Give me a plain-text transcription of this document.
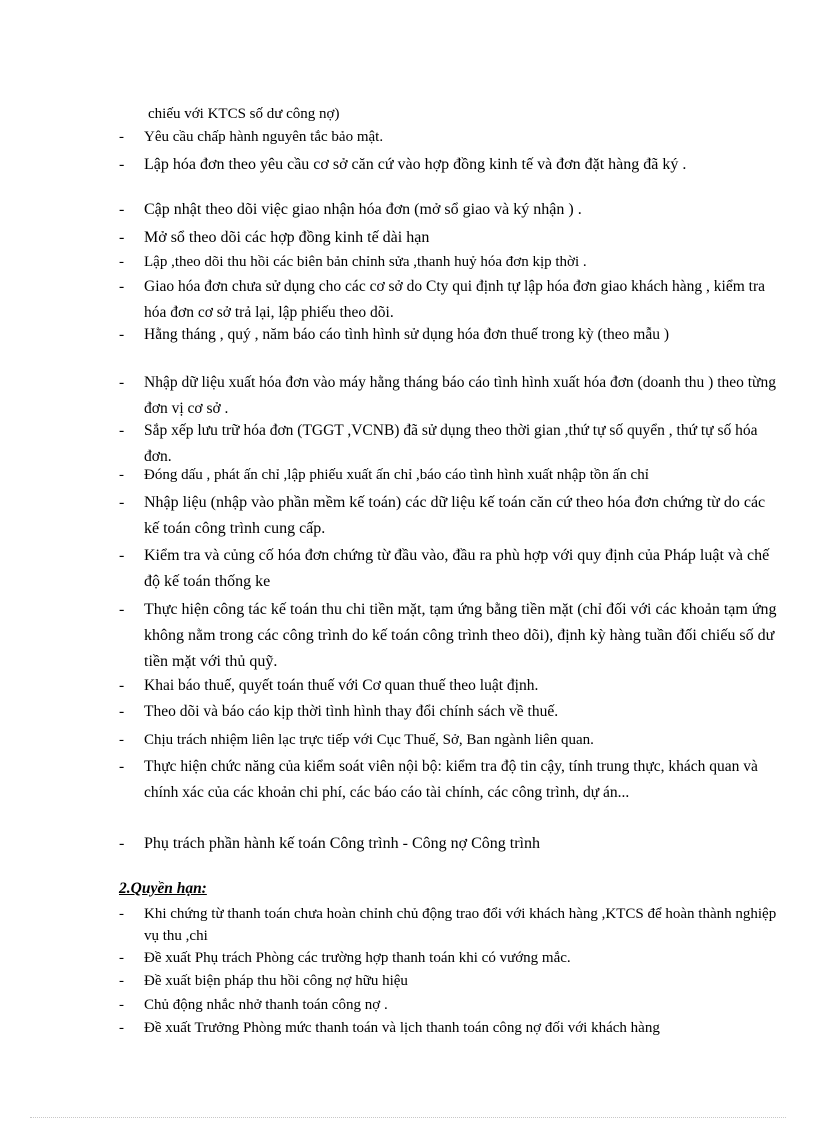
chiếu với KTCS số dư công nợ)
- Yêu cầu chấp hành nguyên tắc bảo mật.
- Lập hóa đơn theo yêu cầu cơ sở căn cứ vào hợp đồng kinh tế và đơn đặt hàng đã ký .
- Cập nhật theo dõi việc giao nhận hóa đơn (mở sổ giao và ký nhận ) .
- Mở sổ theo dõi các hợp đồng kinh tế dài hạn
- Lập ,theo dõi thu hồi các biên bản chỉnh sửa ,thanh huỷ hóa đơn kịp thời .
- Giao hóa đơn chưa sử dụng cho các cơ sở do Cty qui định tự lập hóa đơn giao khách hàng , kiểm tra hóa đơn cơ sở trả lại, lập phiếu theo dõi.
- Hằng tháng , quý , năm báo cáo tình hình sử dụng hóa đơn thuế trong kỳ (theo mẫu )
- Nhập dữ liệu xuất hóa đơn vào máy hằng tháng báo cáo tình hình xuất hóa đơn (doanh thu ) theo từng đơn vị cơ sở .
- Sắp xếp lưu trữ hóa đơn (TGGT ,VCNB) đã sử dụng theo thời gian ,thứ tự số quyển , thứ tự số hóa đơn.
- Đóng dấu , phát ấn chỉ ,lập phiếu xuất ấn chỉ ,báo cáo tình hình xuất nhập tồn ấn chỉ
- Nhập liệu (nhập vào phần mềm kế toán) các dữ liệu kế toán căn cứ theo hóa đơn chứng từ do các kế toán công trình cung cấp.
- Kiểm tra và củng cố hóa đơn chứng từ đầu vào, đầu ra phù hợp với quy định của Pháp luật và chế độ kế toán thống ke
- Thực hiện công tác kế toán thu chi tiền mặt, tạm ứng bằng tiền mặt (chỉ đối với các khoản tạm ứng không nằm trong các công trình do kế toán công trình theo dõi), định kỳ hàng tuần đối chiếu số dư tiền mặt với thủ quỹ.
- Khai báo thuế, quyết toán thuế với Cơ quan thuế theo luật định.
- Theo dõi và báo cáo kịp thời tình hình thay đổi chính sách về thuế.
- Chịu trách nhiệm liên lạc trực tiếp với Cục Thuế, Sở, Ban ngành liên quan.
- Thực hiện chức năng của kiểm soát viên nội bộ: kiểm tra độ tin cậy, tính trung thực, khách quan và chính xác của các khoản chi phí, các báo cáo tài chính, các công trình, dự án...
- Phụ trách phần hành kế toán Công trình - Công nợ Công trình
2.Quyền hạn:
- Khi chứng từ thanh toán chưa hoàn chỉnh chủ động trao đổi với khách hàng ,KTCS để hoàn thành nghiệp vụ thu ,chi
- Đề xuất Phụ trách Phòng các trường hợp thanh toán khi có vướng mắc.
- Đề xuất biện pháp thu hồi công nợ hữu hiệu
- Chủ động nhắc nhở thanh toán công nợ .
- Đề xuất Trưởng Phòng mức thanh toán và lịch thanh toán công nợ đối với khách hàng
